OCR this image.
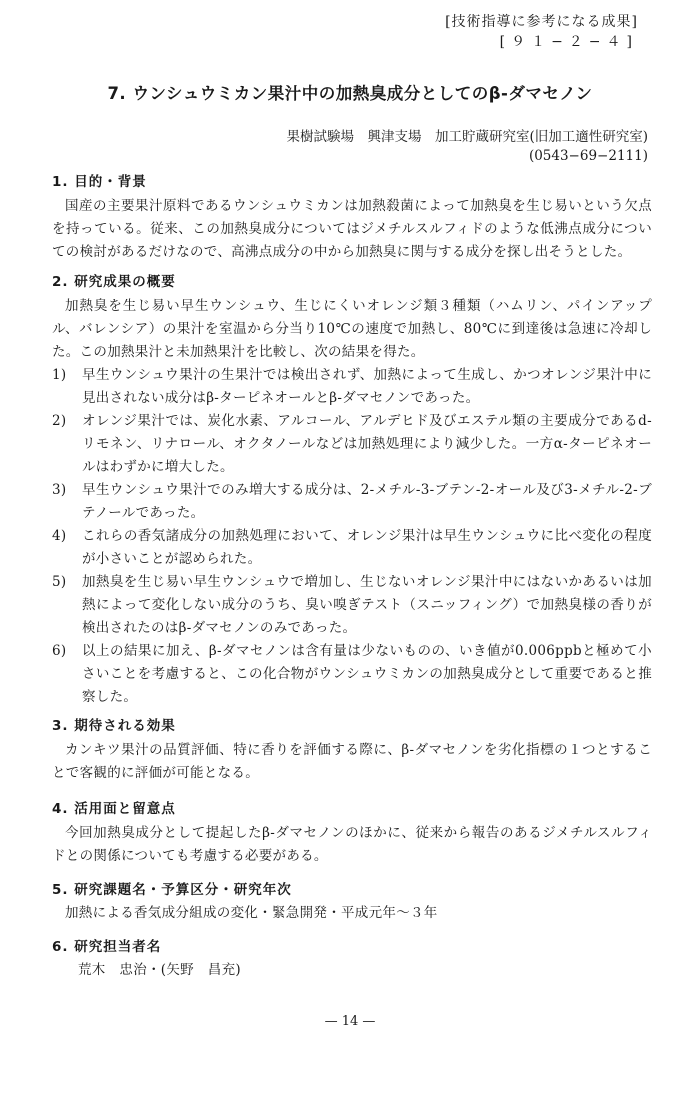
[技術指導に参考になる成果]
[９１−２−４]
7. ウンシュウミカン果汁中の加熱臭成分としてのβ-ダマセノン
果樹試験場　興津支場　加工貯蔵研究室(旧加工適性研究室)
(0543−69−2111)
1. 目的・背景
国産の主要果汁原料であるウンシュウミカンは加熱殺菌によって加熱臭を生じ易いという欠点を持っている。従来、この加熱臭成分についてはジメチルスルフィドのような低沸点成分についての検討があるだけなので、高沸点成分の中から加熱臭に関与する成分を探し出そうとした。
2. 研究成果の概要
加熱臭を生じ易い早生ウンシュウ、生じにくいオレンジ類３種類（ハムリン、パインアップル、バレンシア）の果汁を室温から分当り10℃の速度で加熱し、80℃に到達後は急速に冷却した。この加熱果汁と未加熱果汁を比較し、次の結果を得た。
1)	早生ウンシュウ果汁の生果汁では検出されず、加熱によって生成し、かつオレンジ果汁中に見出されない成分はβ-ターピネオールとβ-ダマセノンであった。
2)	オレンジ果汁では、炭化水素、アルコール、アルデヒド及びエステル類の主要成分であるd-リモネン、リナロール、オクタノールなどは加熱処理により減少した。一方α-ターピネオールはわずかに増大した。
3)	早生ウンシュウ果汁でのみ増大する成分は、2-メチル-3-ブテン-2-オール及び3-メチル-2-ブテノールであった。
4)	これらの香気諸成分の加熱処理において、オレンジ果汁は早生ウンシュウに比べ変化の程度が小さいことが認められた。
5)	加熱臭を生じ易い早生ウンシュウで増加し、生じないオレンジ果汁中にはないかあるいは加熱によって変化しない成分のうち、臭い嗅ぎテスト（スニッフィング）で加熱臭様の香りが検出されたのはβ-ダマセノンのみであった。
6)	以上の結果に加え、β-ダマセノンは含有量は少ないものの、いき値が0.006ppbと極めて小さいことを考慮すると、この化合物がウンシュウミカンの加熱臭成分として重要であると推察した。
3. 期待される効果
カンキツ果汁の品質評価、特に香りを評価する際に、β-ダマセノンを劣化指標の１つとすることで客観的に評価が可能となる。
4. 活用面と留意点
今回加熱臭成分として提起したβ-ダマセノンのほかに、従来から報告のあるジメチルスルフィドとの関係についても考慮する必要がある。
5. 研究課題名・予算区分・研究年次
加熱による香気成分組成の変化・緊急開発・平成元年〜３年
6. 研究担当者名
荒木　忠治・(矢野　昌充)
— 14 —
